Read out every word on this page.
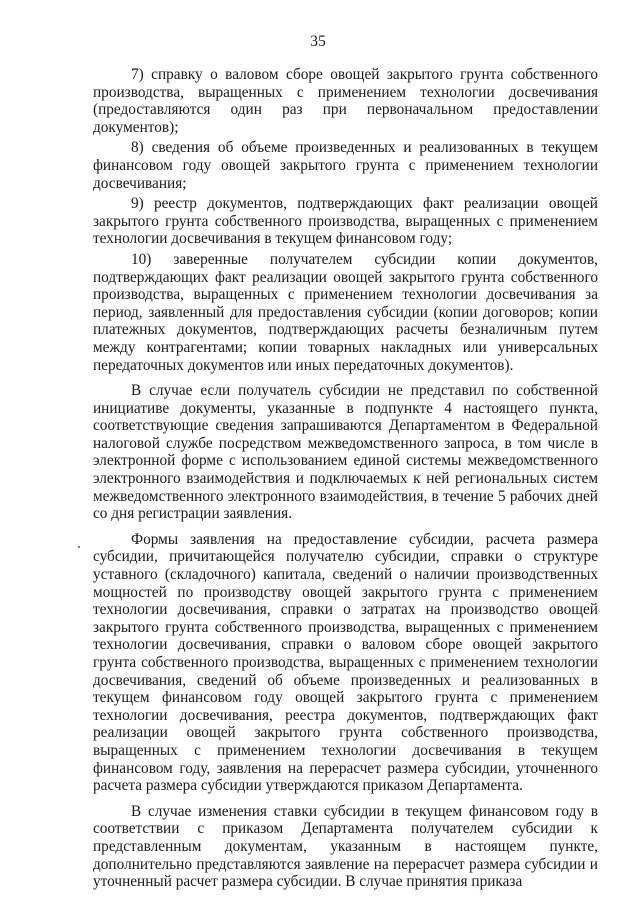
35

7) справку о валовом сборе овощей закрытого грунта собственного производства, выращенных с применением технологии досвечивания (предоставляются один раз при первоначальном предоставлении документов);

8) сведения об объеме произведенных и реализованных в текущем финансовом году овощей закрытого грунта с применением технологии досвечивания;

9) реестр документов, подтверждающих факт реализации овощей закрытого грунта собственного производства, выращенных с применением технологии досвечивания в текущем финансовом году;

10) заверенные получателем субсидии копии документов, подтверждающих факт реализации овощей закрытого грунта собственного производства, выращенных с применением технологии досвечивания за период, заявленный для предоставления субсидии (копии договоров; копии платежных документов, подтверждающих расчеты безналичным путем между контрагентами; копии товарных накладных или универсальных передаточных документов или иных передаточных документов).

В случае если получатель субсидии не представил по собственной инициативе документы, указанные в подпункте 4 настоящего пункта, соответствующие сведения запрашиваются Департаментом в Федеральной налоговой службе посредством межведомственного запроса, в том числе в электронной форме с использованием единой системы межведомственного электронного взаимодействия и подключаемых к ней региональных систем межведомственного электронного взаимодействия, в течение 5 рабочих дней со дня регистрации заявления.

Формы заявления на предоставление субсидии, расчета размера субсидии, причитающейся получателю субсидии, справки о структуре уставного (складочного) капитала, сведений о наличии производственных мощностей по производству овощей закрытого грунта с применением технологии досвечивания, справки о затратах на производство овощей закрытого грунта собственного производства, выращенных с применением технологии досвечивания, справки о валовом сборе овощей закрытого грунта собственного производства, выращенных с применением технологии досвечивания, сведений об объеме произведенных и реализованных в текущем финансовом году овощей закрытого грунта с применением технологии досвечивания, реестра документов, подтверждающих факт реализации овощей закрытого грунта собственного производства, выращенных с применением технологии досвечивания в текущем финансовом году, заявления на перерасчет размера субсидии, уточненного расчета размера субсидии утверждаются приказом Департамента.

В случае изменения ставки субсидии в текущем финансовом году в соответствии с приказом Департамента получателем субсидии к представленным документам, указанным в настоящем пункте, дополнительно представляются заявление на перерасчет размера субсидии и уточненный расчет размера субсидии. В случае принятия приказа
